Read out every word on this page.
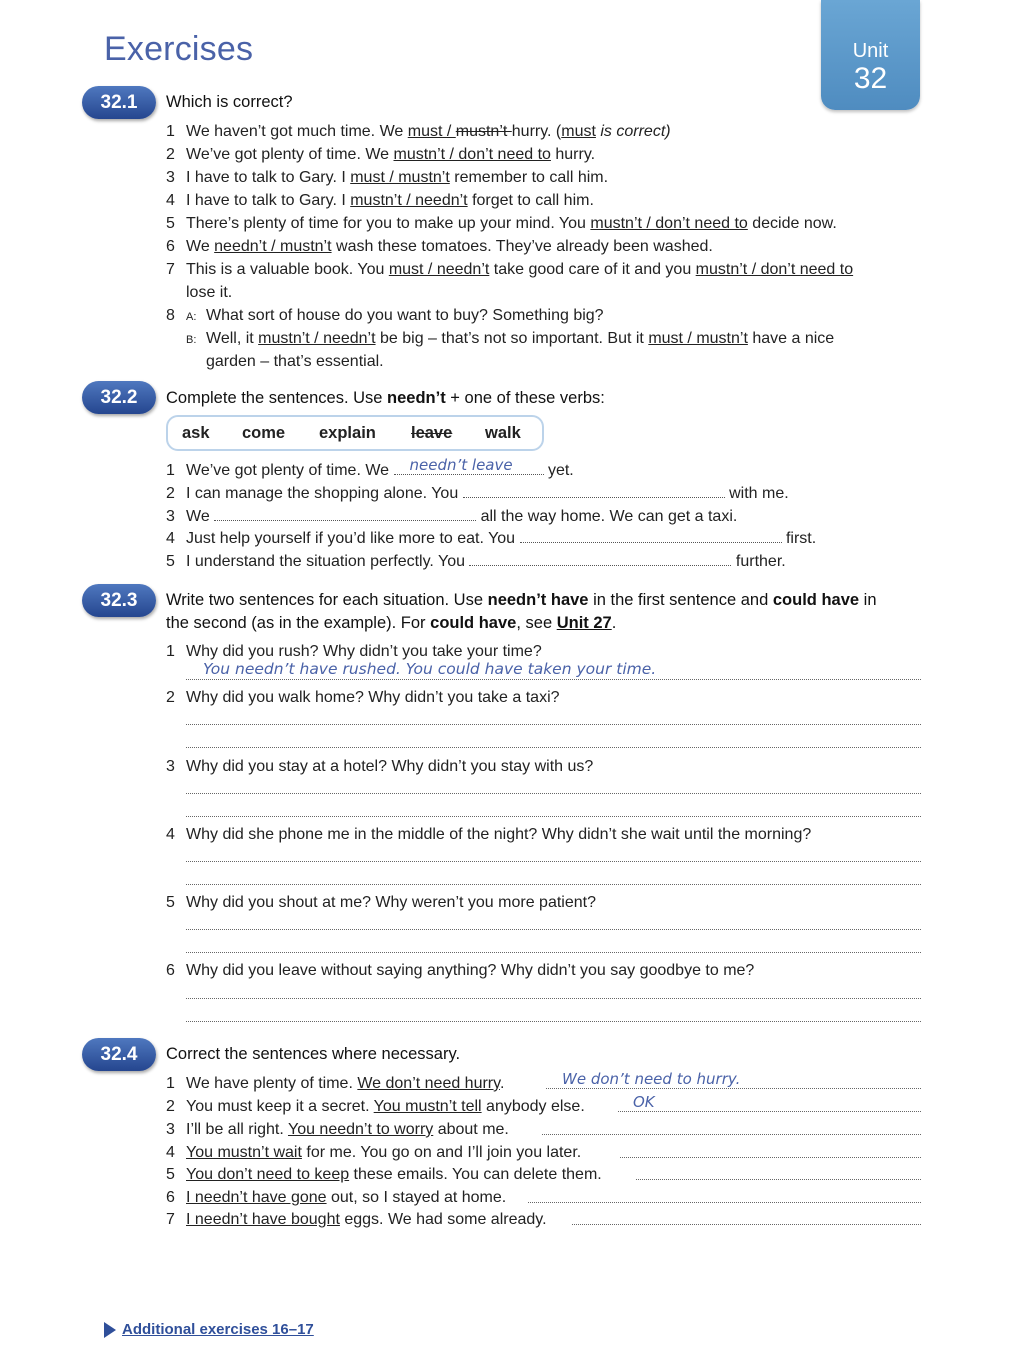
Exercises	Unit
32
32.1	Which is correct?
1 We haven’t got much time. We must / mustn’t hurry. (must is correct)
2 We’ve got plenty of time. We mustn’t / don’t need to hurry.
3 I have to talk to Gary. I must / mustn’t remember to call him.
4 I have to talk to Gary. I mustn’t / needn’t forget to call him.
5 There’s plenty of time for you to make up your mind. You mustn’t / don’t need to decide now.
6 We needn’t / mustn’t wash these tomatoes. They’ve already been washed.
7 This is a valuable book. You must / needn’t take good care of it and you mustn’t / don’t need to
lose it.
8 A: What sort of house do you want to buy? Something big?
B: Well, it mustn’t / needn’t be big – that’s not so important. But it must / mustn’t have a nice
garden – that’s essential.
32.2	Complete the sentences. Use needn’t + one of these verbs:
ask come explain leave walk
1 We’ve got plenty of time. We needn’t leave yet.
2 I can manage the shopping alone. You	with me.
3 We	all the way home. We can get a taxi.
4 Just help yourself if you’d like more to eat. You	first.
5 I understand the situation perfectly. You	further.
32.3	Write two sentences for each situation. Use needn’t have in the first sentence and could have in
the second (as in the example). For could have, see Unit 27.
1 Why did you rush? Why didn’t you take your time?
You needn’t have rushed. You could have taken your time.
2 Why did you walk home? Why didn’t you take a taxi?
3 Why did you stay at a hotel? Why didn’t you stay with us?
4 Why did she phone me in the middle of the night? Why didn’t she wait until the morning?
5 Why did you shout at me? Why weren’t you more patient?
6 Why did you leave without saying anything? Why didn’t you say goodbye to me?
32.4	Correct the sentences where necessary.
1 We have plenty of time. We don’t need hurry.	We don’t need to hurry.
2 You must keep it a secret. You mustn’t tell anybody else.	OK
3 I’ll be all right. You needn’t to worry about me.
4 You mustn’t wait for me. You go on and I’ll join you later.
5 You don’t need to keep these emails. You can delete them.
6 I needn’t have gone out, so I stayed at home.
7 I needn’t have bought eggs. We had some already.
Additional exercises 16–17
